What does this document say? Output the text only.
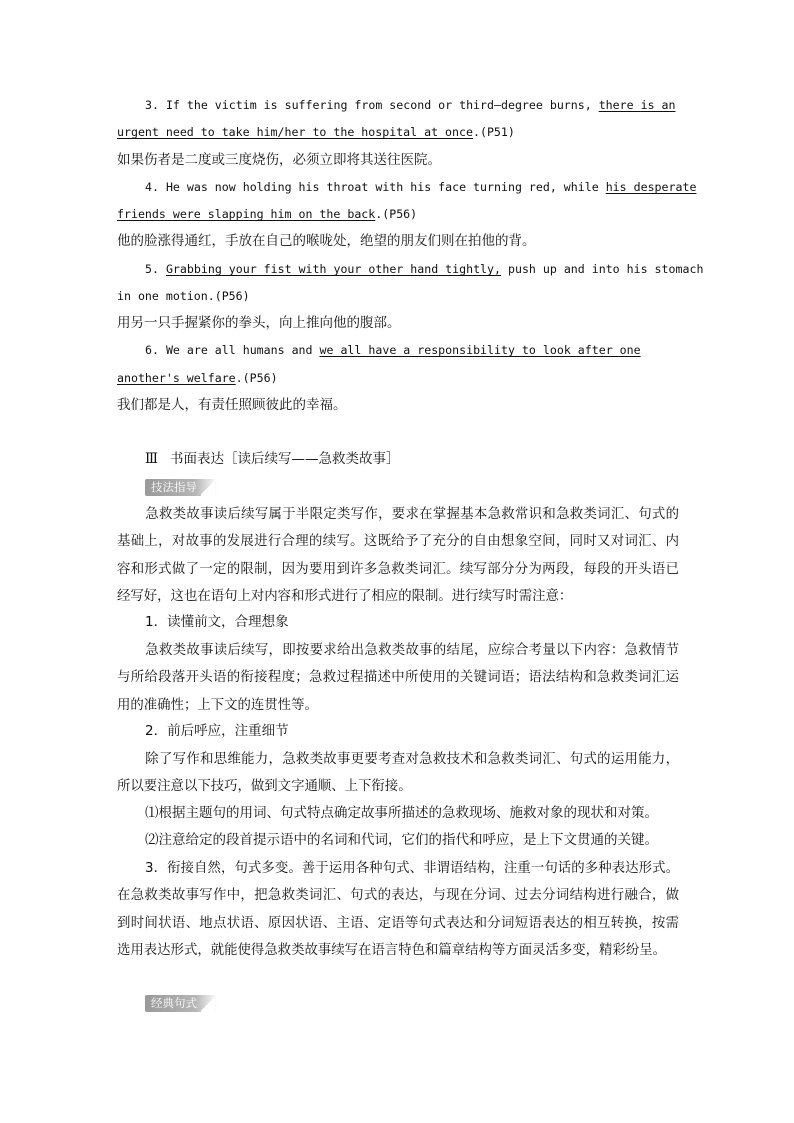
3. If the victim is suffering from second or third—degree burns, there is an
urgent need to take him/her to the hospital at once.(P51)
如果伤者是二度或三度烧伤，必须立即将其送往医院。
4. He was now holding his throat with his face turning red, while his desperate
friends were slapping him on the back.(P56)
他的脸涨得通红，手放在自己的喉咙处，绝望的朋友们则在拍他的背。
5. Grabbing your fist with your other hand tightly, push up and into his stomach
in one motion.(P56)
用另一只手握紧你的拳头，向上推向他的腹部。
6. We are all humans and we all have a responsibility to look after one
another's welfare.(P56)
我们都是人，有责任照顾彼此的幸福。
Ⅲ 书面表达［读后续写——急救类故事］
技法指导
急救类故事读后续写属于半限定类写作，要求在掌握基本急救常识和急救类词汇、句式的基础上，对故事的发展进行合理的续写。这既给予了充分的自由想象空间，同时又对词汇、内容和形式做了一定的限制，因为要用到许多急救类词汇。续写部分分为两段，每段的开头语已经写好，这也在语句上对内容和形式进行了相应的限制。进行续写时需注意：
1．读懂前文，合理想象
急救类故事读后续写，即按要求给出急救类故事的结尾，应综合考量以下内容：急救情节与所给段落开头语的衔接程度；急救过程描述中所使用的关键词语；语法结构和急救类词汇运用的准确性；上下文的连贯性等。
2．前后呼应，注重细节
除了写作和思维能力，急救类故事更要考查对急救技术和急救类词汇、句式的运用能力，所以要注意以下技巧，做到文字通顺、上下衔接。
⑴根据主题句的用词、句式特点确定故事所描述的急救现场、施救对象的现状和对策。
⑵注意给定的段首提示语中的名词和代词，它们的指代和呼应，是上下文贯通的关键。
3．衔接自然，句式多变。善于运用各种句式、非谓语结构，注重一句话的多种表达形式。在急救类故事写作中，把急救类词汇、句式的表达，与现在分词、过去分词结构进行融合，做到时间状语、地点状语、原因状语、主语、定语等句式表达和分词短语表达的相互转换，按需选用表达形式，就能使得急救类故事续写在语言特色和篇章结构等方面灵活多变，精彩纷呈。
经典句式
